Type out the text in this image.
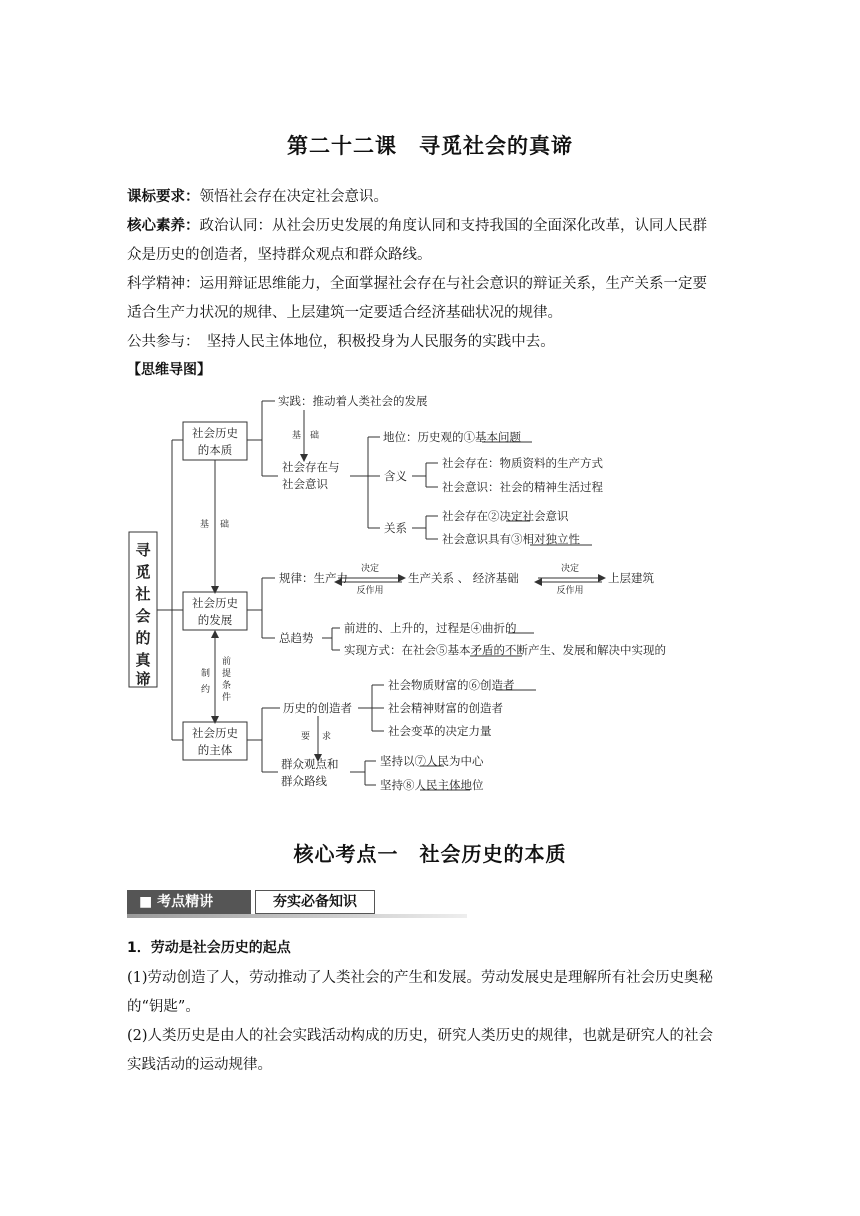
第二十二课　寻觅社会的真谛
课标要求：领悟社会存在决定社会意识。
核心素养：政治认同：从社会历史发展的角度认同和支持我国的全面深化改革，认同人民群
众是历史的创造者，坚持群众观点和群众路线。
科学精神：运用辩证思维能力，全面掌握社会存在与社会意识的辩证关系，生产关系一定要
适合生产力状况的规律、上层建筑一定要适合经济基础状况的规律。
公共参与：　坚持人民主体地位，积极投身为人民服务的实践中去。
【思维导图】
寻
觅
社
会
的
真
谛
社会历史
的本质
社会历史
的发展
社会历史
的主体
实践：推动着人类社会的发展
社会存在与
社会意识
地位：历史观的①基本问题
含义
社会存在：物质资料的生产方式
社会意识：社会的精神生活过程
关系
社会存在②决定社会意识
社会意识具有③相对独立性
规律：生产力	生产关系 、 经济基础	上层建筑
总趋势
前进的、上升的，过程是④曲折的
实现方式：在社会⑤基本矛盾的不断产生、发展和解决中实现的
历史的创造者
社会物质财富的⑥创造者
社会精神财富的创造者
社会变革的决定力量
群众观点和
群众路线
坚持以⑦人民为中心
坚持⑧人民主体地位
基 础
基 础
决定
反作用
决定
反作用
制
约
前
提
条
件
要 求
核心考点一　社会历史的本质
■ 考点精讲	夯实必备知识
1．劳动是社会历史的起点
(1)劳动创造了人，劳动推动了人类社会的产生和发展。劳动发展史是理解所有社会历史奥秘
的“钥匙”。
(2)人类历史是由人的社会实践活动构成的历史，研究人类历史的规律，也就是研究人的社会
实践活动的运动规律。
